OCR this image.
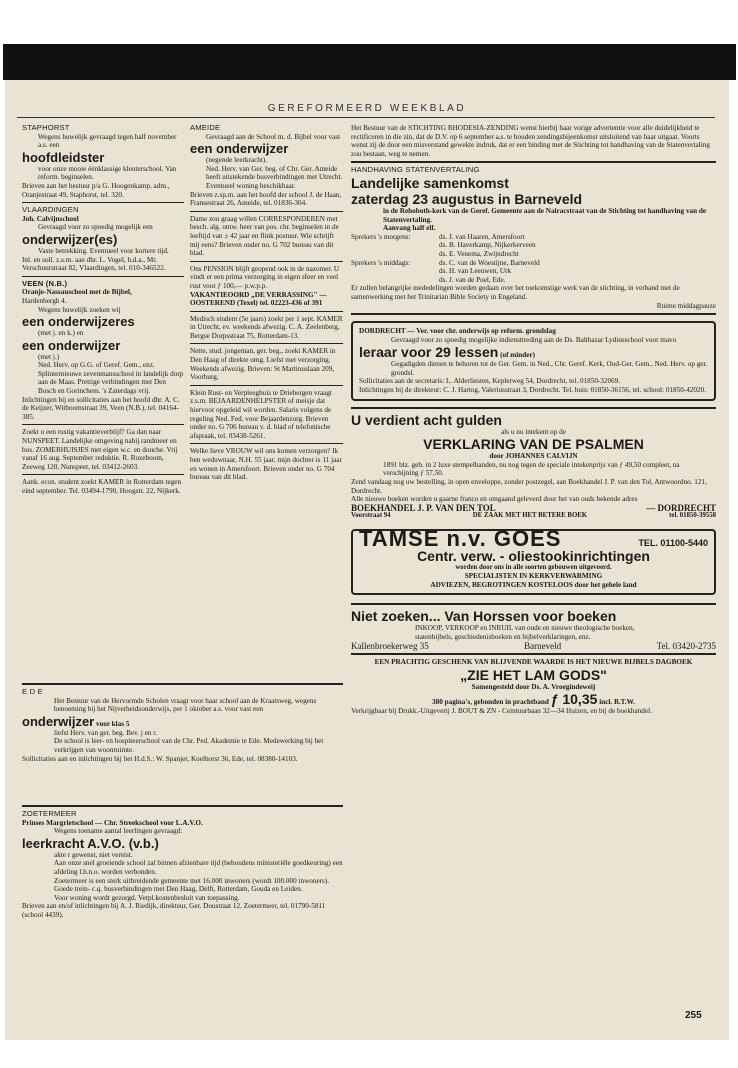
GEREFORMEERD WEEKBLAD
STAPHORST
Wegens huwelijk gevraagd tegen half november a.s. een
hoofdleidster
voor onze mooie éénklassige kleuterschool. Van reform. beginselen.
Brieven aan het bestuur p/a G. Hoogenkamp, adm., Oranjestraat 49, Staphorst, tel. 320.
VLAARDINGEN
Joh. Calvijnschool
Gevraagd voor zo spoedig mogelijk een
onderwijzer(es)
Vaste betrekking. Eventueel voor kortere tijd.
Inl. en soll. z.s.m. aan dhr. L. Vogel, h.d.a., Mr. Verschuurstraat 82, Vlaardingen, tel. 010-346522.
VEEN (N.B.)
Oranje-Nassauschool met de Bijbel,
Hardenbergh 4.
Wegens huwelijk zoeken wij
een onderwijzeres
(met j. en k.) en
een onderwijzer
(met j.)
Ned. Herv. op G.G. of Geref. Gem., enz. Splinternieuwe zevenmansschool in landelijk dorp aan de Maas. Prettige verbindingen met Den Bosch en Gorinchem. 's Zaterdags vrij.
Inlichtingen bij en sollicitaties aan het hoofd dhr. A. C. de Keijzer, Witboomstraat 39, Veen (N.B.), tel. 04164-385.
Zoekt u een rustig vakantieverblijf? Ga dan naar NUNSPEET. Landelijke omgeving nabij randmeer en bos. ZOMERHUISJES met eigen w.c. en douche. Vrij vanaf 16 aug. September reduktie. R. Rozeboom, Zeeweg 120, Nunspeet, tel. 03412-2603.
Aank. econ. student zoekt KAMER in Rotterdam tegen eind september. Tel. 03494-1790, Hoogstr. 22, Nijkerk.
AMEIDE
Gevraagd aan de School m. d. Bijbel voor vast
een onderwijzer
(negende leerkracht).
Ned. Herv. van Ger. beg. of Chr. Ger. Ameide heeft uitstekende busverbindingen met Utrecht. Eventueel woning beschikbaar.
Brieven z.sp.m. aan het hoofd der school J. de Haan, Fransestraat 26, Ameide, tel. 01836-304.
Dame zou graag willen CORRESPONDEREN met besch. alg. ontw. heer van pos. chr. beginselen in de leeftijd van ± 42 jaar en flink postuur. Wie schrijft mij eens? Brieven onder no. G 702 bureau van dit blad.
Ons PENSION blijft geopend ook in de nazomer. U vindt er een prima verzorging in eigen sfeer en veel rust voor ƒ 100,— p.w.p.p.
VAKANTIEOORD „DE VERRASSING" — OOSTEREND (Texel) tel. 02223-436 of 391
Medisch student (5e jaars) zoekt per 1 sept. KAMER in Utrecht, ev. weekends afwezig. C. A. Zeelenberg, Bergse Dorpsstraat 75, Rotterdam-13.
Nette, stud. jongeman, ger. beg., zoekt KAMER in Den Haag of direkte omg. Liefst met verzorging. Weekends afwezig. Brieven: St Martinuslaan 209, Voorburg.
Klein Rust- en Verpleeghuis te Driebergen vraagt z.s.m. BEJAARDENHELPSTER of meisje dat hiervoor opgeleid wil worden. Salaris volgens de regeling Ned. Fed. voor Bejaardenzorg. Brieven onder no. G 706 bureau v. d. blad of telefonische afspraak, tel. 03438-5261.
Welke lieve VROUW wil ons komen verzorgen? Ik ben weduwnaar, N.H. 55 jaar, mijn dochter is 11 jaar en wonen in Amersfoort. Brieven onder no. G 704 bureau van dit blad.
E D E
Het Bestuur van de Hervormde Scholen vraagt voor haar school aan de Kraatsweg, wegens benoeming bij het Nijverheidsonderwijs, per 1 oktober a.s. voor vast een
onderwijzer voor klas 5
liefst Herv. van ger. beg. Bev. j en r.
De school is leer- en hospiteerschool van de Chr. Ped. Akademie te Ede. Medewerking bij het verkrijgen van woonruimte.
Sollicitaties aan en inlichtingen bij het H.d.S.: W. Spanjer, Koelhorst 36, Ede, tel. 08380-14103.
ZOETERMEER
Prinses Margrietschool — Chr. Streekschool voor L.A.V.O.
Wegens toename aantal leerlingen gevraagd:
leerkracht A.V.O. (v.b.)
akte r gewenst, niet vereist.
Aan onze snel groeiende school zal binnen afzienbare tijd (behoudens ministeriële goedkeuring) een afdeling l.h.n.o. worden verbonden.
Zoetermeer is een sterk uitbreidende gemeente met 16.000 inwoners (wordt 100.000 inwoners). Goede trein- c.q. busverbindingen met Den Haag, Delft, Rotterdam, Gouda en Leiden.
Voor woning wordt gezorgd. Verpl.kostenbesluit van toepassing.
Brieven aan en/of inlichtingen bij A. J. Riedijk, direkteur, Ger. Doustraat 12, Zoetermeer, tel. 01790-5811 (school 4439).
Het Bestuur van de STICHTING RHODESIA-ZENDING wenst hierbij haar vorige advertentie voor alle duidelijkheid te rectificeren in die zin, dat de D.V. op 6 september a.s. te houden zendingsbijeenkomst uitsluitend van haar uitgaat. Voorts wenst zij de door een misverstand gewekte indruk, dat er een binding met de Stichting tot handhaving van de Statenvertaling zou bestaan, weg te nemen.
HANDHAVING STATENVERTALING
Landelijke samenkomst
zaterdag 23 augustus in Barneveld
in de Rehoboth-kerk van de Geref. Gemeente aan de Nairacstraat van de Stichting tot handhaving van de Statenvertaling.
Aanvang half elf.
Sprekers 's morgens:	ds. J. van Haaren, Amersfoort
ds. B. Haverkamp, Nijkerkerveen
ds. E. Venema, Zwijndrecht
Sprekers 's middags:	ds. C. van de Woestijne, Barneveld
ds. H. van Leeuwen, Urk
ds. J. van de Poel, Ede.
Er zullen belangrijke mededelingen worden gedaan over het toekomstige werk van de stichting, in verband met de samenwerking met het Trinitarian Bible Society in Engeland.
Ruime middagpauze
DORDRECHT — Ver. voor chr. onderwijs op reform. grondslag
Gevraagd voor zo spoedig mogelijke indiensttreding aan de Ds. Balthazar Lydiusschool voor mavo
leraar voor 29 lessen (of minder)
Gegadigden dienen te behoren tot de Ger. Gem. in Ned., Chr. Geref. Kerk, Oud-Ger. Gem., Ned. Herv. op ger. grondsl.
Sollicitaties aan de secretaris: L. Alderliesten, Keplerweg 54, Dordrecht, tel. 01850-32069.
Inlichtingen bij de direkteur: C. J. Hartog, Valeriusstraat 3, Dordrecht. Tel. huis: 01850-36156, tel. school: 01850-42020.
U verdient acht gulden
als u nu intekent op de
VERKLARING VAN DE PSALMEN
door JOHANNES CALVIJN
1891 blz. geb. in 2 luxe stempelbanden, nu nog tegen de speciale intekenprijs van ƒ 49,50 compleet, na verschijning ƒ 57,50.
Zend vandaag nog uw bestelling, in open enveloppe, zonder postzegel, aan Boekhandel J. P. van den Tol, Antwoordno. 121, Dordrecht.
Alle nieuwe boeken worden u gaarne franco en omgaand geleverd door het van ouds bekende adres
BOEKHANDEL J. P. VAN DEN TOL	— DORDRECHT
Voorstraat 94	DE ZAAK MET HET BETERE BOEK	tel. 01850-39558
TAMSE n.v. GOES	TEL. 01100-5440
Centr. verw. - oliestookinrichtingen
worden door ons in alle soorten gebouwen uitgevoerd.
SPECIALISTEN IN KERKVERWARMING
ADVIEZEN, BEGROTINGEN KOSTELOOS door het gehele land
Niet zoeken... Van Horssen voor boeken
INKOOP, VERKOOP en INRUIL van oude en nieuwe theologische boeken, statenbijbels, geschiedenisboeken en bijbelverklaringen, enz.
Kallenbroekerweg 35	Barneveld	Tel. 03420-2735
EEN PRACHTIG GESCHENK VAN BLIJVENDE WAARDE IS HET NIEUWE BIJBELS DAGBOEK
„ZIE HET LAM GODS"
Samengesteld door Ds. A. Vroegindeweij
380 pagina's, gebonden in prachtband ƒ 10,35 incl. B.T.W.
Verkrijgbaar bij Drukk.-Uitgeverij J. BOUT & ZN - Ceintuurbaan 32—34 Huizen, en bij de boekhandel.
255
